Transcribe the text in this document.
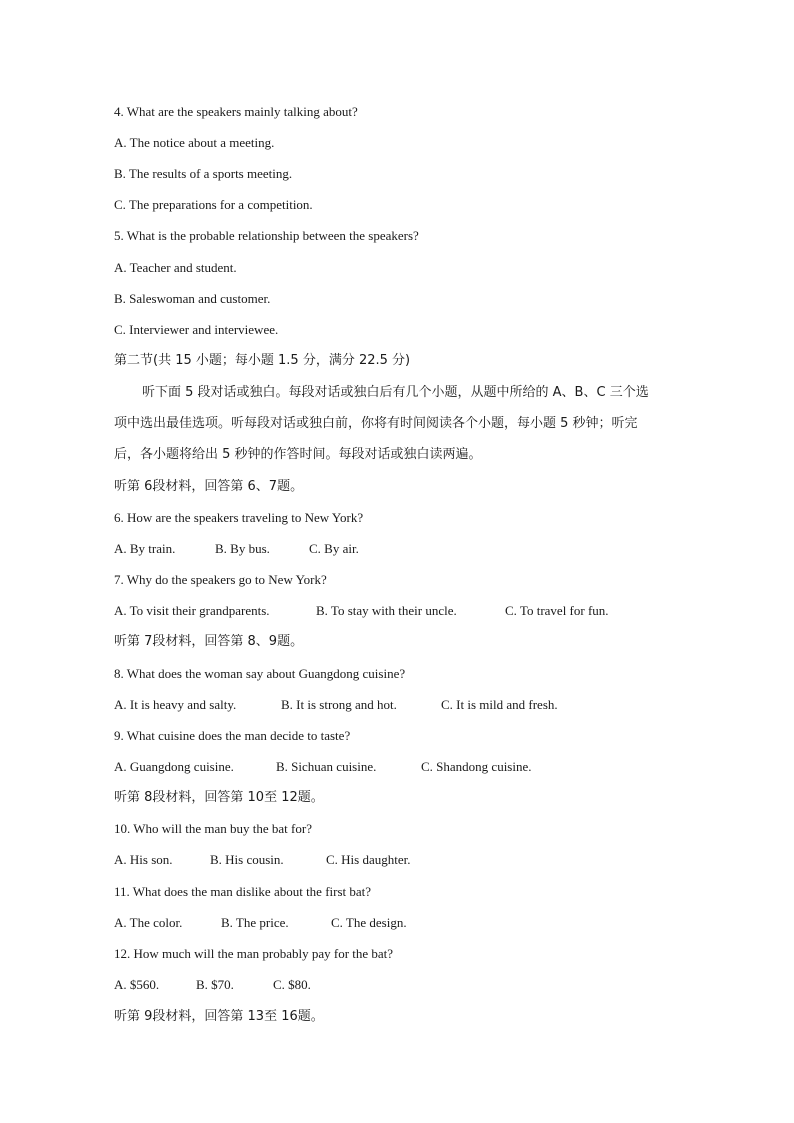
4. What are the speakers mainly talking about?
A. The notice about a meeting.
B. The results of a sports meeting.
C. The preparations for a competition.
5. What is the probable relationship between the speakers?
A. Teacher and student.
B. Saleswoman and customer.
C. Interviewer and interviewee.
第二节(共 15 小题；每小题 1.5 分，满分 22.5 分)
听下面 5 段对话或独白。每段对话或独白后有几个小题，从题中所给的 A、B、C 三个选
项中选出最佳选项。听每段对话或独白前，你将有时间阅读各个小题，每小题 5 秒钟；听完
后，各小题将给出 5 秒钟的作答时间。每段对话或独白读两遍。
听第 6段材料，回答第 6、7题。
6. How are the speakers traveling to New York?
A. By train.	B. By bus.	C. By air.
7. Why do the speakers go to New York?
A. To visit their grandparents.	B. To stay with their uncle.	C. To travel for fun.
听第 7段材料，回答第 8、9题。
8. What does the woman say about Guangdong cuisine?
A. It is heavy and salty.	B. It is strong and hot.	C. It is mild and fresh.
9. What cuisine does the man decide to taste?
A. Guangdong cuisine.	B. Sichuan cuisine.	C. Shandong cuisine.
听第 8段材料，回答第 10至 12题。
10. Who will the man buy the bat for?
A. His son.	B. His cousin.	C. His daughter.
11. What does the man dislike about the first bat?
A. The color.	B. The price.	C. The design.
12. How much will the man probably pay for the bat?
A. $560.	B. $70.	C. $80.
听第 9段材料，回答第 13至 16题。
